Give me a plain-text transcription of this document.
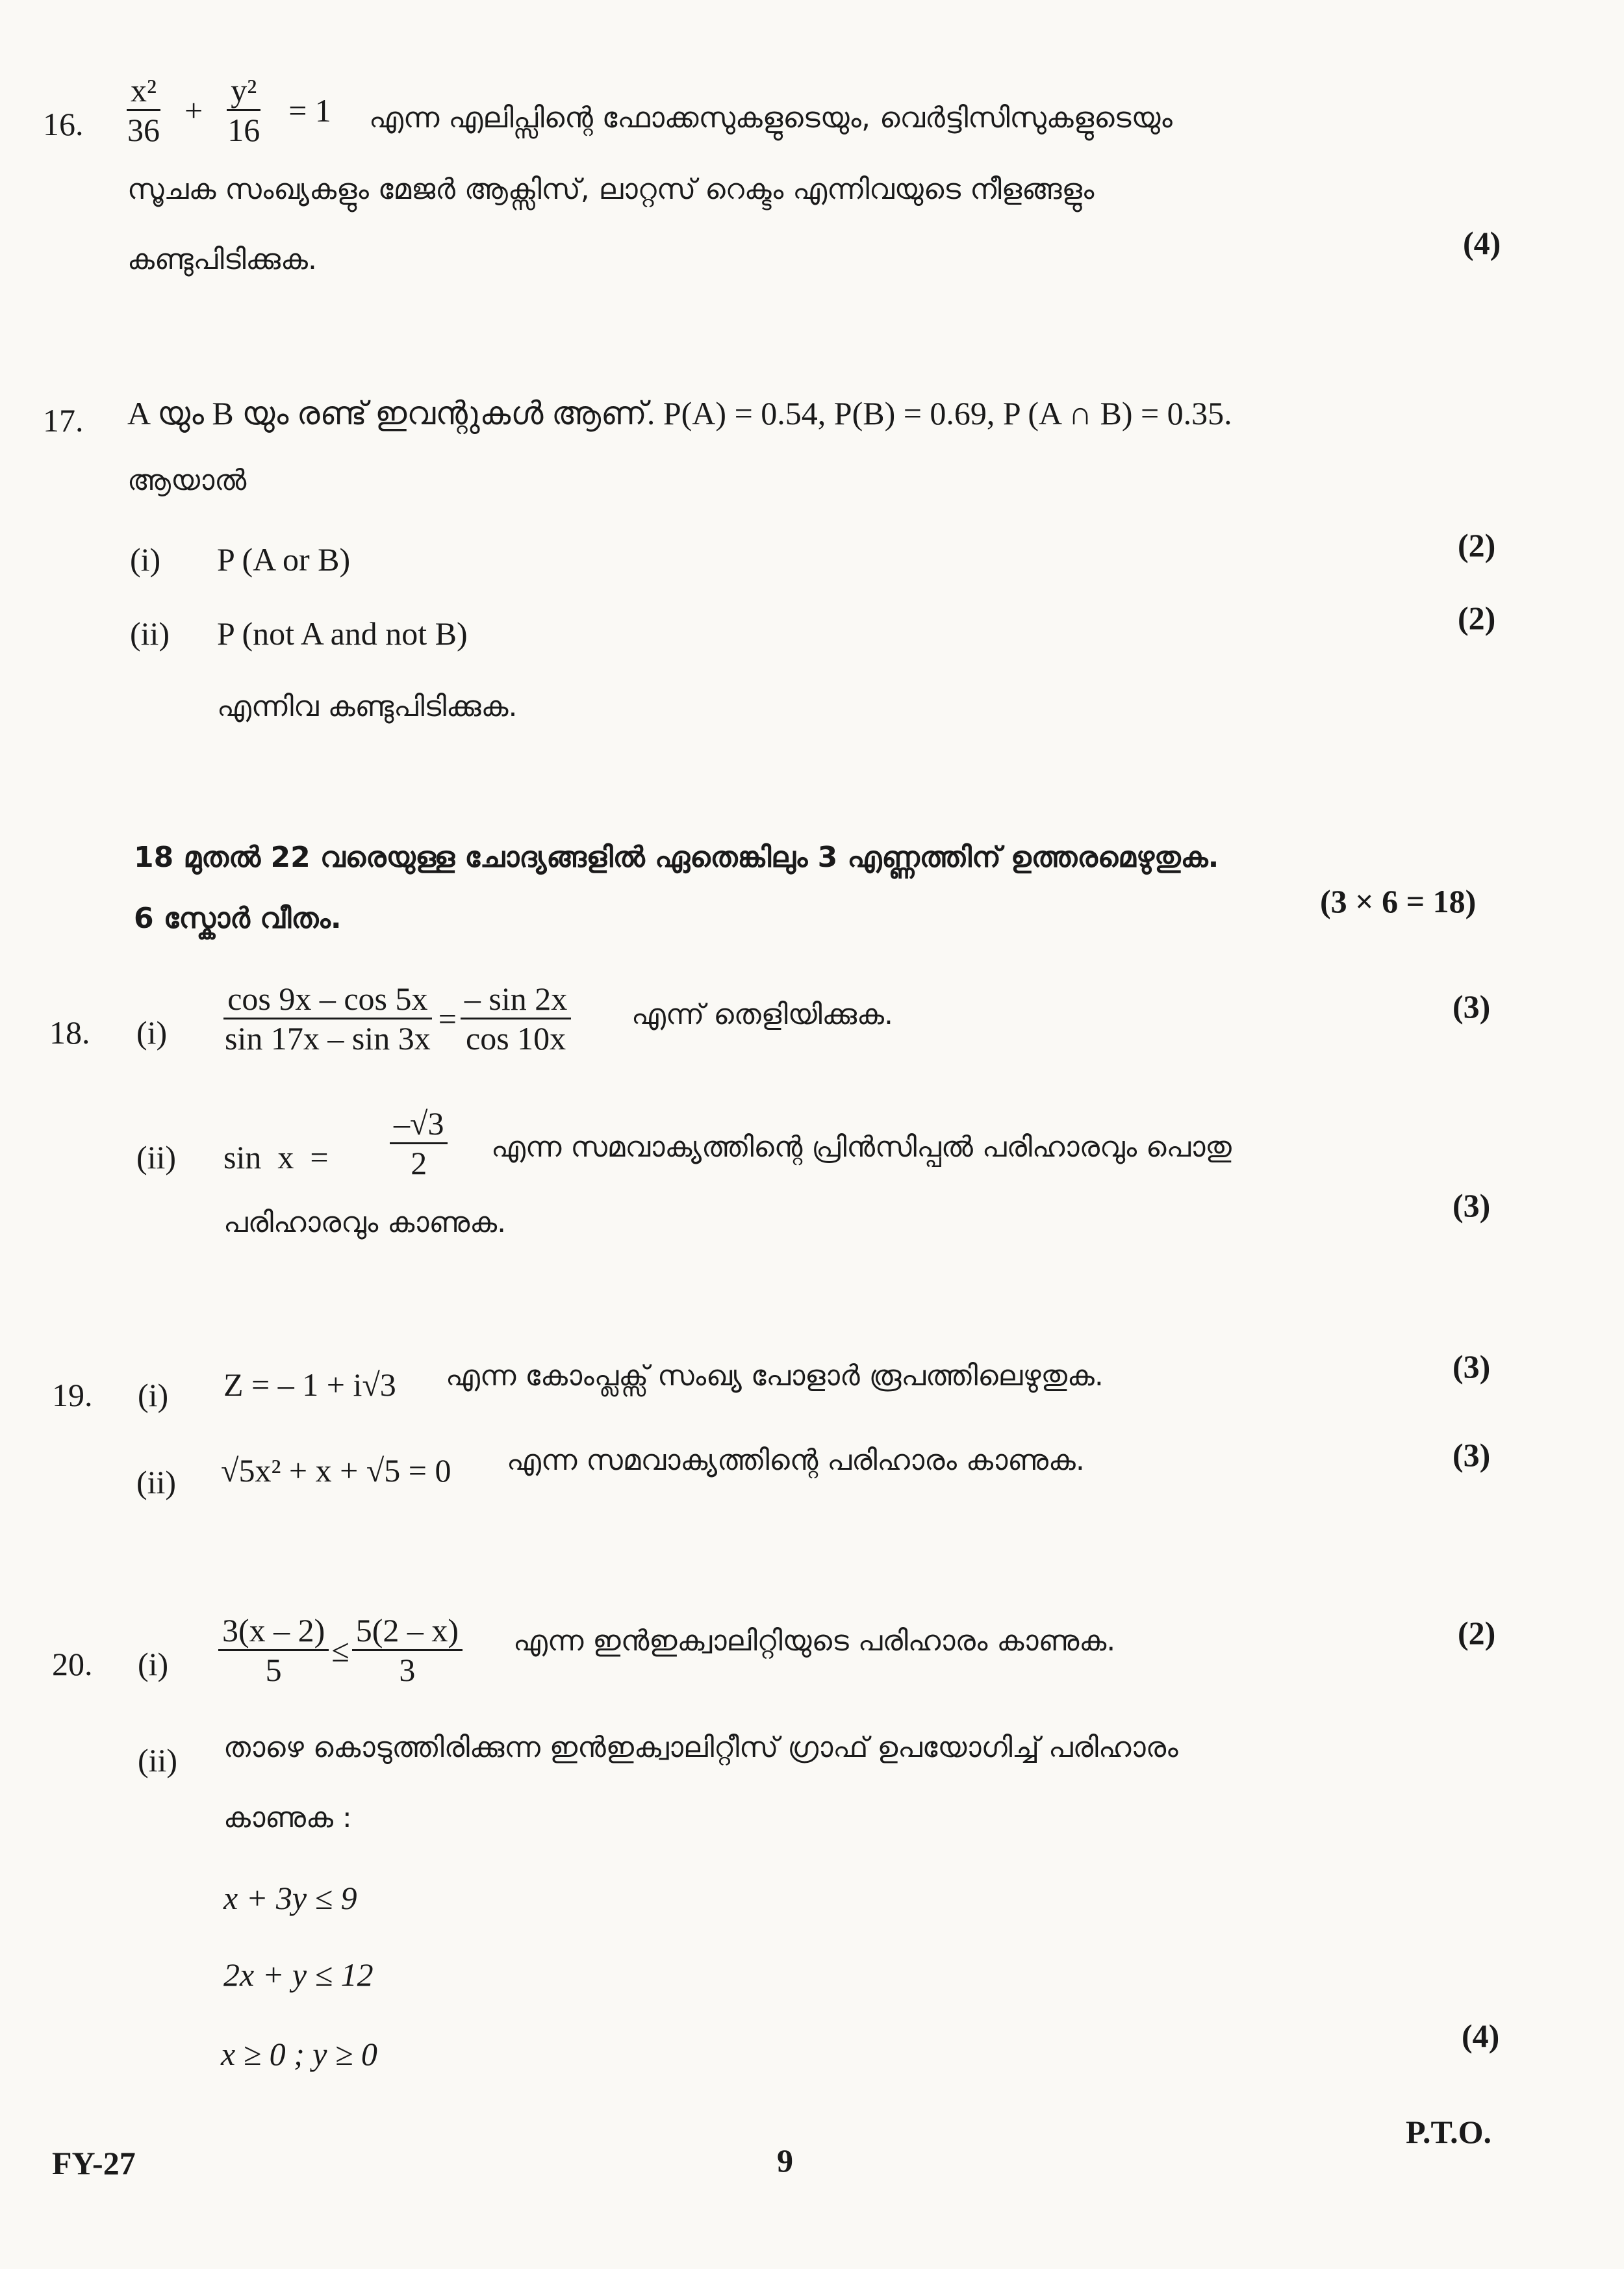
16. $\frac{\text{x²}}{36} + \frac{\text{y²}}{16} = 1$ എന്ന എലിപ്സിന്റെ ഫോക്കസുകളുടെയും, വെർട്ടിസിസുകളുടെയും
സൂചക സംഖ്യകളും മേജർ ആക്സിസ്, ലാറ്റസ് റെക്ടം എന്നിവയുടെ നീളങ്ങളും
കണ്ടുപിടിക്കുക.	(4)
17. A യും B യും രണ്ട് ഇവന്റുകൾ ആണ്. P(A) = 0.54, P(B) = 0.69, P (A ∩ B) = 0.35.
ആയാൽ
(i) P (A or B)	(2)
(ii) P (not A and not B)	(2)
എന്നിവ കണ്ടുപിടിക്കുക.
18 മുതൽ 22 വരെയുള്ള ചോദ്യങ്ങളിൽ ഏതെങ്കിലും 3 എണ്ണത്തിന് ഉത്തരമെഴുതുക.
6 സ്കോർ വീതം.	(3 × 6 = 18)
18. $(i) \frac{\cos 9x - \cos 5x}{\sin 17x - \sin 3x} = \frac{- \sin 2x}{\cos 10x}$ എന്ന് തെളിയിക്കുക.	(3)
(ii) $\sin x = \frac{-√3}{2}$ എന്ന സമവാക്യത്തിന്റെ പ്രിൻസിപ്പൽ പരിഹാരവും പൊതു
പരിഹാരവും കാണുക.	(3)
19. (i) Z = – 1 + i√3 എന്ന കോംപ്ലക്സ് സംഖ്യ പോളാർ രൂപത്തിലെഴുതുക.	(3)
(ii) √5x² + x + √5 = 0 എന്ന സമവാക്യത്തിന്റെ പരിഹാരം കാണുക.	(3)
20. $(i) \frac{3(x - 2)}{5} \le \frac{5(2 - x)}{3}$ എന്ന ഇൻഇക്വാലിറ്റിയുടെ പരിഹാരം കാണുക.	(2)
(ii) താഴെ കൊടുത്തിരിക്കുന്ന ഇൻഇക്വാലിറ്റീസ് ഗ്രാഫ് ഉപയോഗിച്ച് പരിഹാരം
കാണുക :
x + 3y ≤ 9
2x + y ≤ 12
x ≥ 0 ; y ≥ 0	(4)
FY-27	9
P.T.O.
